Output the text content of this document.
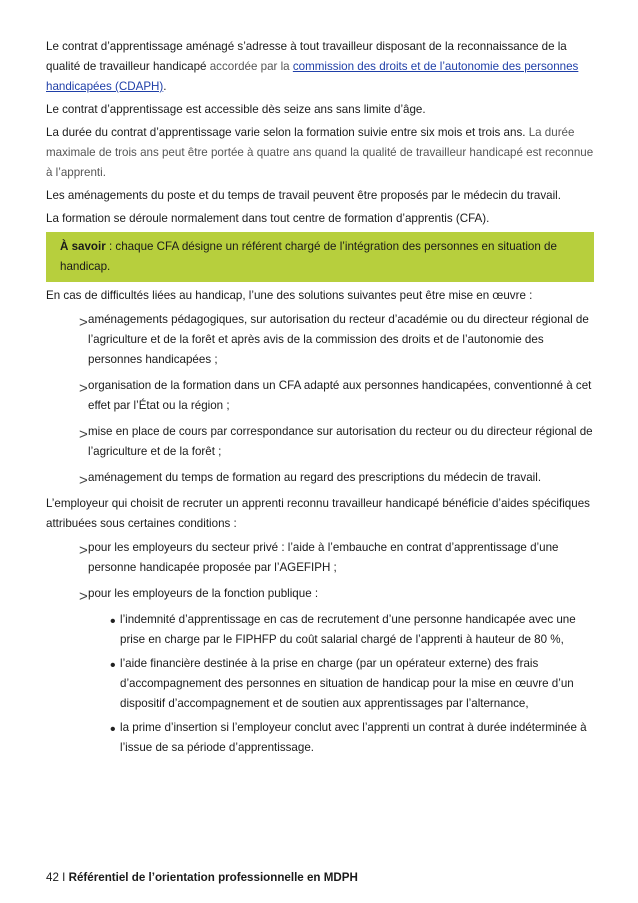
Le contrat d’apprentissage aménagé s’adresse à tout travailleur disposant de la reconnaissance de la qualité de travailleur handicapé accordée par la commission des droits et de l’autonomie des personnes handicapées (CDAPH).

Le contrat d’apprentissage est accessible dès seize ans sans limite d’âge.

La durée du contrat d’apprentissage varie selon la formation suivie entre six mois et trois ans. La durée maximale de trois ans peut être portée à quatre ans quand la qualité de travailleur handicapé est reconnue à l’apprenti.

Les aménagements du poste et du temps de travail peuvent être proposés par le médecin du travail.

La formation se déroule normalement dans tout centre de formation d’apprentis (CFA).

À savoir : chaque CFA désigne un référent chargé de l’intégration des personnes en situation de handicap.

En cas de difficultés liées au handicap, l’une des solutions suivantes peut être mise en œuvre :

> aménagements pédagogiques, sur autorisation du recteur d’académie ou du directeur régional de l’agriculture et de la forêt et après avis de la commission des droits et de l’autonomie des personnes handicapées ;
> organisation de la formation dans un CFA adapté aux personnes handicapées, conventionné à cet effet par l’État ou la région ;
> mise en place de cours par correspondance sur autorisation du recteur ou du directeur régional de l’agriculture et de la forêt ;
> aménagement du temps de formation au regard des prescriptions du médecin de travail.

L’employeur qui choisit de recruter un apprenti reconnu travailleur handicapé bénéficie d’aides spécifiques attribuées sous certaines conditions :

> pour les employeurs du secteur privé : l’aide à l’embauche en contrat d’apprentissage d’une personne handicapée proposée par l’AGEFIPH ;
> pour les employeurs de la fonction publique :
• l’indemnité d’apprentissage en cas de recrutement d’une personne handicapée avec une prise en charge par le FIPHFP du coût salarial chargé de l’apprenti à hauteur de 80 %,
• l’aide financière destinée à la prise en charge (par un opérateur externe) des frais d’accompagnement des personnes en situation de handicap pour la mise en œuvre d’un dispositif d’accompagnement et de soutien aux apprentissages par l’alternance,
• la prime d’insertion si l’employeur conclut avec l’apprenti un contrat à durée indéterminée à l’issue de sa période d’apprentissage.
42 I Référentiel de l’orientation professionnelle en MDPH
